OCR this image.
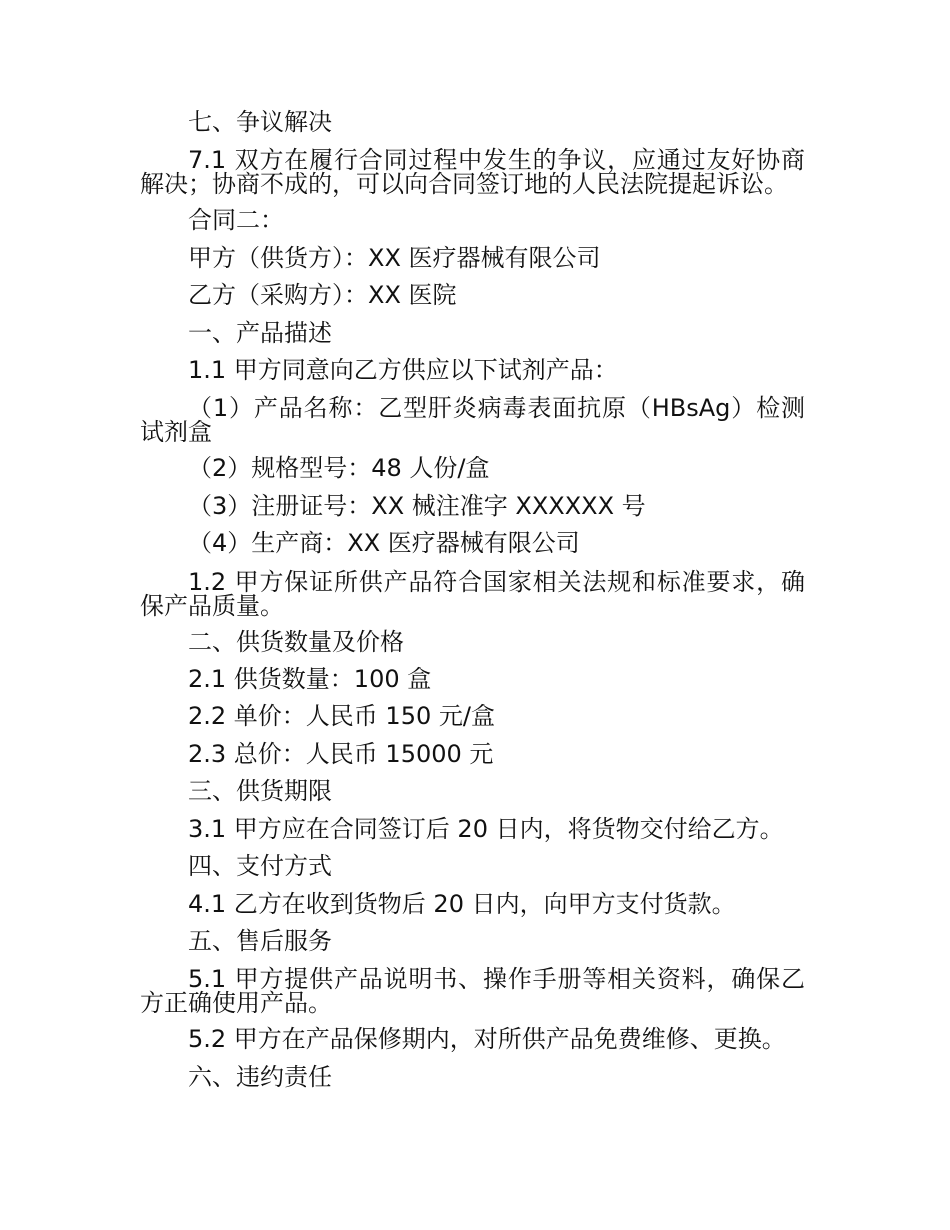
七、争议解决
7.1 双方在履行合同过程中发生的争议，应通过友好协商解决；协商不成的，可以向合同签订地的人民法院提起诉讼。
合同二：
甲方（供货方）：XX 医疗器械有限公司
乙方（采购方）：XX 医院
一、产品描述
1.1 甲方同意向乙方供应以下试剂产品：
（1）产品名称：乙型肝炎病毒表面抗原（HBsAg）检测试剂盒
（2）规格型号：48 人份/盒
（3）注册证号：XX 械注准字 XXXXXX 号
（4）生产商：XX 医疗器械有限公司
1.2 甲方保证所供产品符合国家相关法规和标准要求，确保产品质量。
二、供货数量及价格
2.1 供货数量：100 盒
2.2 单价：人民币 150 元/盒
2.3 总价：人民币 15000 元
三、供货期限
3.1 甲方应在合同签订后 20 日内，将货物交付给乙方。
四、支付方式
4.1 乙方在收到货物后 20 日内，向甲方支付货款。
五、售后服务
5.1 甲方提供产品说明书、操作手册等相关资料，确保乙方正确使用产品。
5.2 甲方在产品保修期内，对所供产品免费维修、更换。
六、违约责任
